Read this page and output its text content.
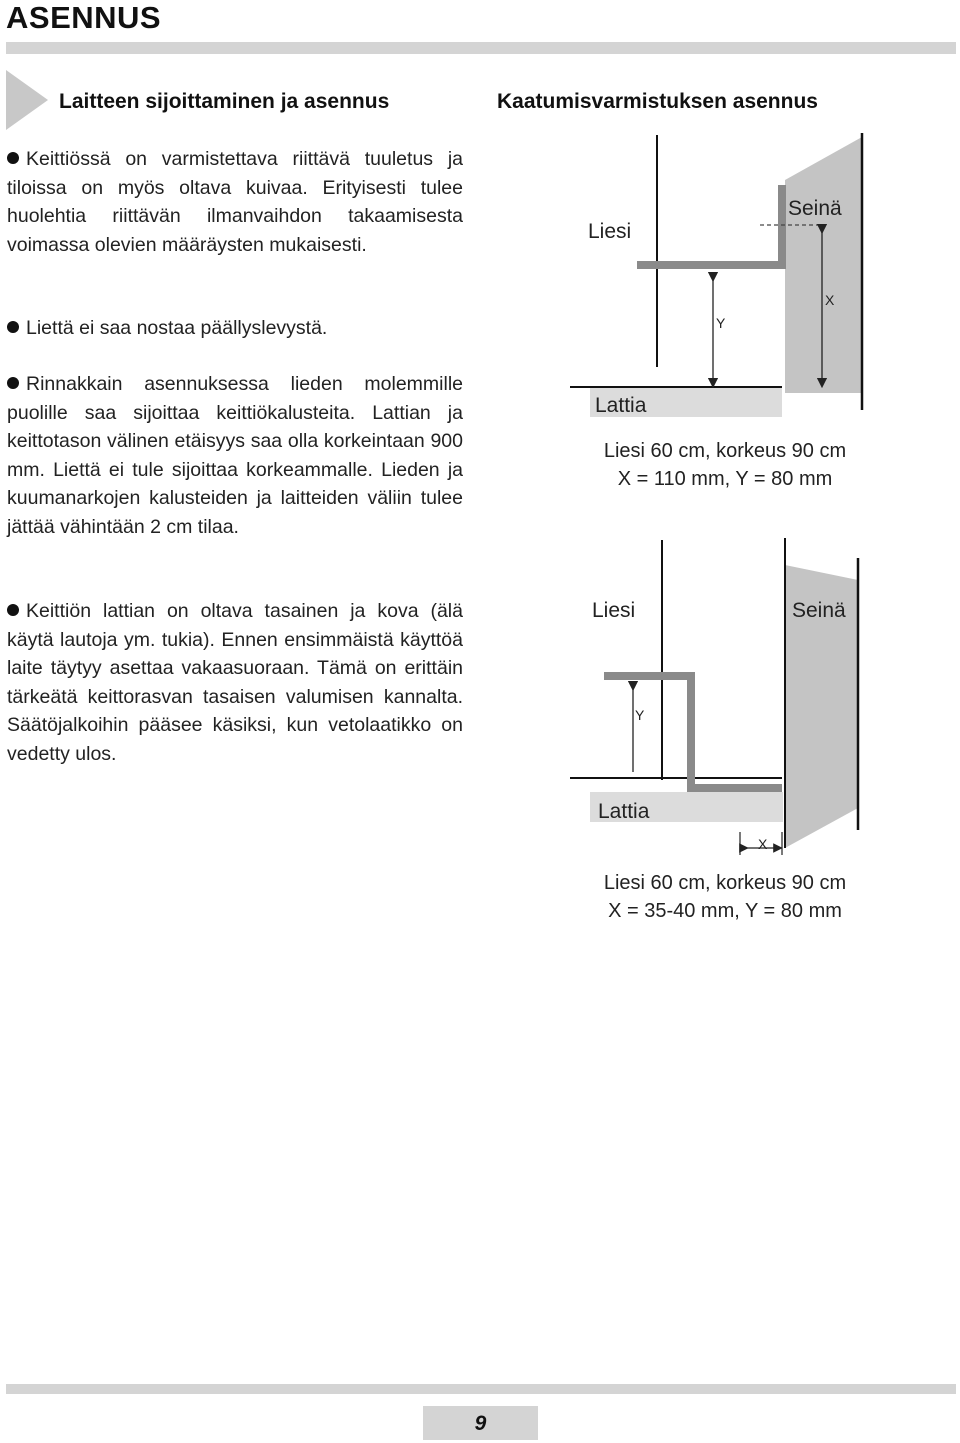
ASENNUS
Laitteen sijoittaminen ja asennus	Kaatumisvarmistuksen asennus

Keittiössä on varmistettava riittävä tuuletus ja tiloissa on myös oltava kuivaa. Erityisesti tulee huolehtia riittävän ilmanvaihdon takaamisesta voimassa olevien määräysten mukaisesti.

Liettä ei saa nostaa päällyslevystä.

Rinnakkain asennuksessa lieden molemmille puolille saa sijoittaa keittiökalusteita. Lattian ja keittotason välinen etäisyys saa olla korkeintaan 900 mm. Liettä ei tule sijoittaa korkeammalle. Lieden ja kuumanarkojen kalusteiden ja laitteiden väliin tulee jättää vähintään 2 cm tilaa.

Keittiön lattian on oltava tasainen ja kova (älä käytä lautoja ym. tukia). Ennen ensimmäistä käyttöä laite täytyy asettaa vakaasuoraan. Tämä on erittäin tärkeätä keittorasvan tasaisen valumisen kannalta. Säätöjalkoihin pääsee käsiksi, kun vetolaatikko on vedetty ulos.

Liesi
Seinä
Y
X
Lattia
Liesi 60 cm, korkeus 90 cm
X = 110 mm, Y = 80 mm
Liesi	Seinä
Y
Lattia
X
Liesi 60 cm, korkeus 90 cm
X = 35-40 mm, Y = 80 mm
9
